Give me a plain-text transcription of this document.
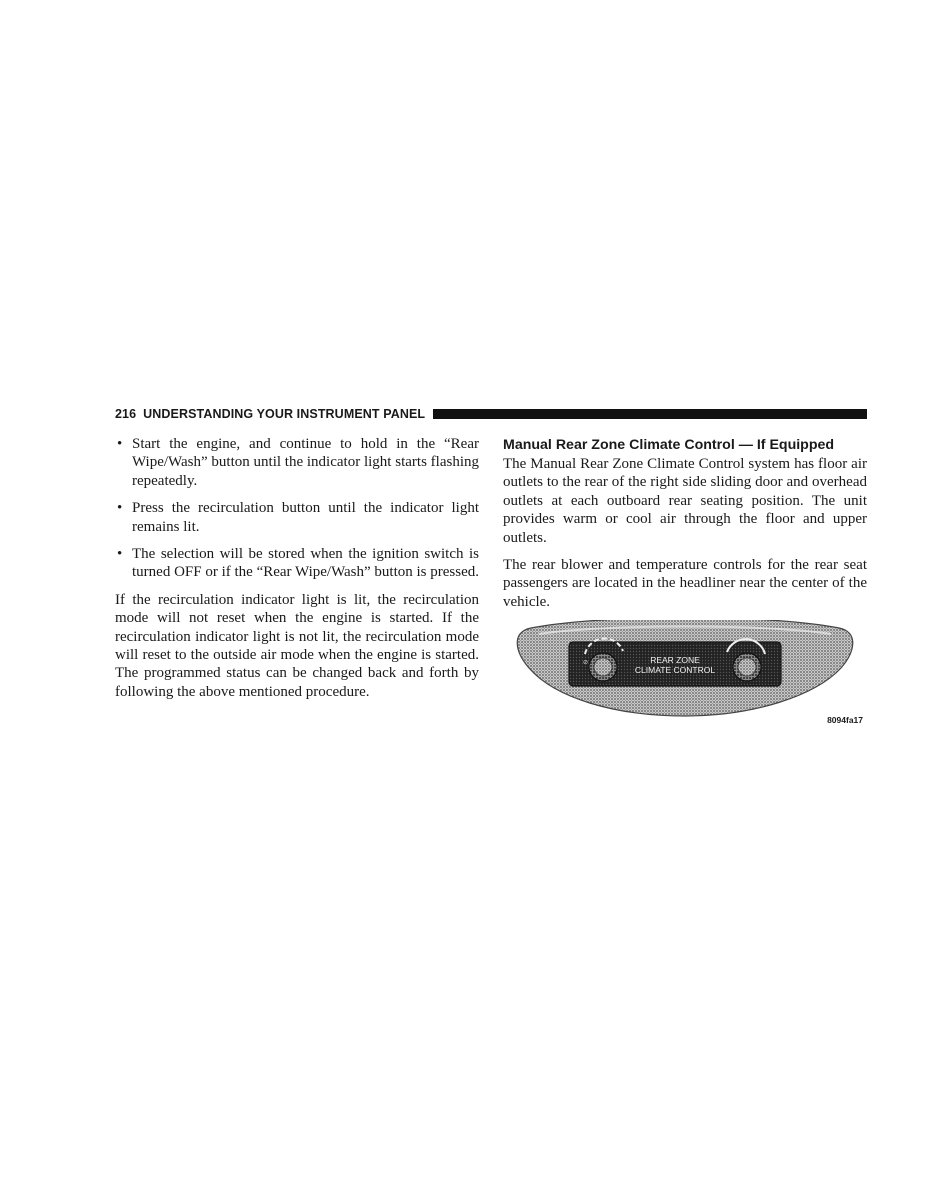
216 UNDERSTANDING YOUR INSTRUMENT PANEL
• Start the engine, and continue to hold in the “Rear Wipe/Wash” button until the indicator light starts flashing repeatedly.
• Press the recirculation button until the indicator light remains lit.
• The selection will be stored when the ignition switch is turned OFF or if the “Rear Wipe/Wash” button is pressed.

If the recirculation indicator light is lit, the recirculation mode will not reset when the engine is started. If the recirculation indicator light is not lit, the recirculation mode will reset to the outside air mode when the engine is started. The programmed status can be changed back and forth by following the above mentioned procedure.

Manual Rear Zone Climate Control — If Equipped

The Manual Rear Zone Climate Control system has floor air outlets to the rear of the right side sliding door and overhead outlets at each outboard rear seating position. The unit provides warm or cool air through the floor and upper outlets.

The rear blower and temperature controls for the rear seat passengers are located in the headliner near the center of the vehicle.

⊘	REAR ZONE
CLIMATE CONTROL
8094fa17
